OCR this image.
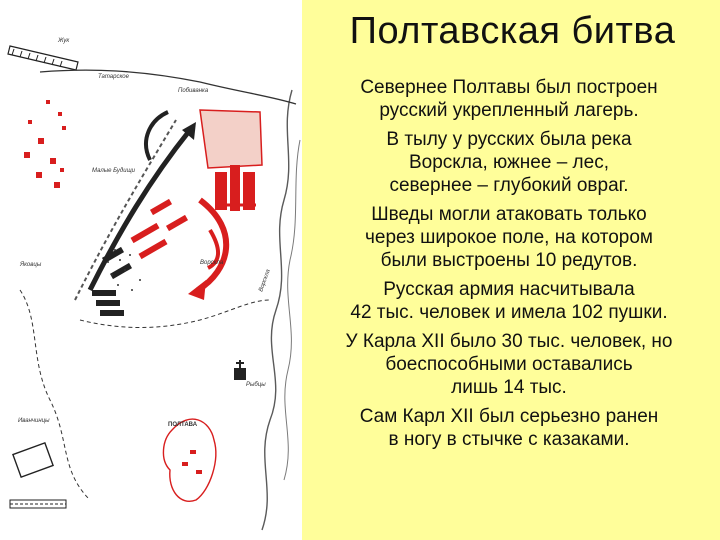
Жук
Татарское
Побиванка
Малые Будищи
Яковцы
Иванчинцы
Ворскла
Рыбцы
ПОЛТАВА
Ворскла
Полтавская битва

Севернее Полтавы был построен
русский укрепленный лагерь.

В тылу у русских была река
Ворскла, южнее – лес,
севернее – глубокий овраг.

Шведы могли атаковать только
через широкое поле, на котором
были выстроены 10 редутов.

Русская армия насчитывала
42 тыс. человек и имела 102 пушки.

У Карла XII было 30 тыс. человек, но
боеспособными оставались
лишь 14 тыс.

Сам Карл XII был серьезно ранен
в ногу в стычке с казаками.
